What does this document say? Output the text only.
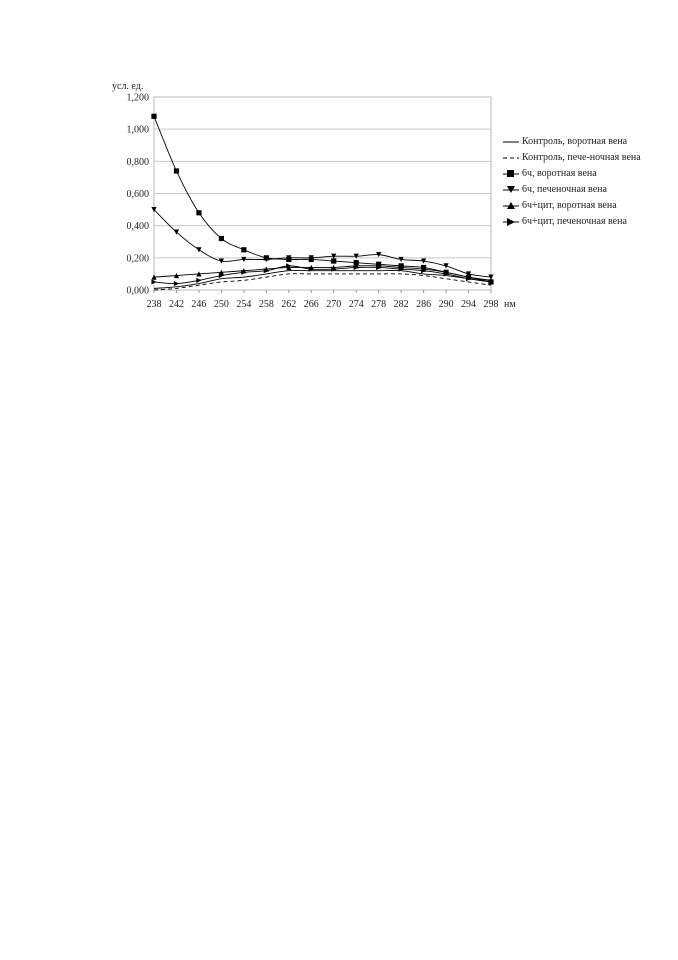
0,000
0,200
0,400
0,600
0,800
1,000
1,200
238 242 246 250 254 258 262 266 270 274 278 282 286 290 294 298
усл. ед.
нм
Контроль, воротная вена
Контроль, пече-ночная вена
6ч, воротная вена
6ч, печеночная вена
6ч+цит, воротная вена
6ч+цит, печеночная вена
